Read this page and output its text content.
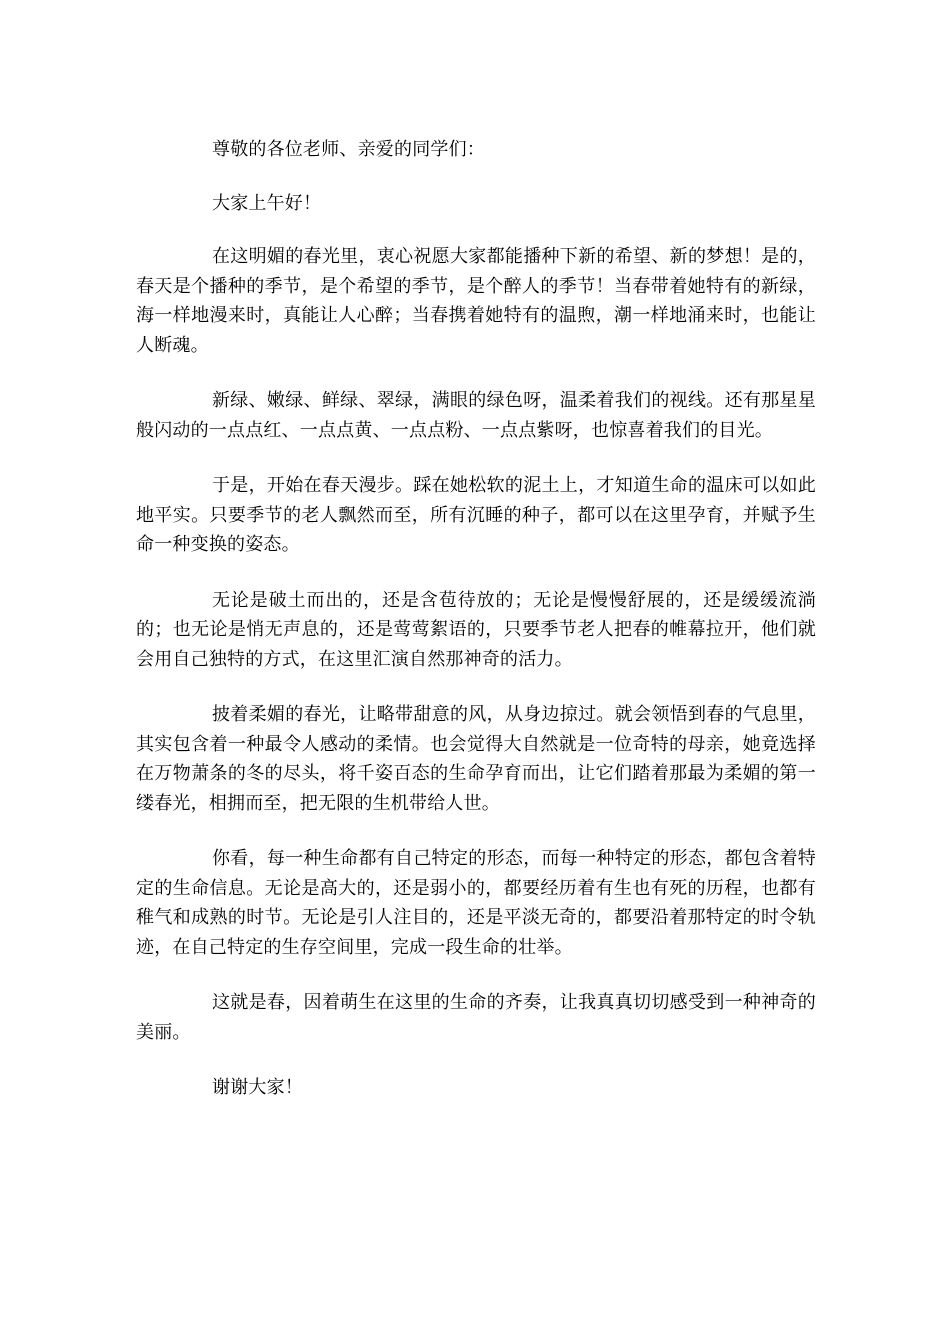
尊敬的各位老师、亲爱的同学们：

大家上午好！

在这明媚的春光里，衷心祝愿大家都能播种下新的希望、新的梦想！是的，春天是个播种的季节，是个希望的季节，是个醉人的季节！当春带着她特有的新绿，海一样地漫来时，真能让人心醉；当春携着她特有的温煦，潮一样地涌来时，也能让人断魂。

新绿、嫩绿、鲜绿、翠绿，满眼的绿色呀，温柔着我们的视线。还有那星星般闪动的一点点红、一点点黄、一点点粉、一点点紫呀，也惊喜着我们的目光。

于是，开始在春天漫步。踩在她松软的泥土上，才知道生命的温床可以如此地平实。只要季节的老人飘然而至，所有沉睡的种子，都可以在这里孕育，并赋予生命一种变换的姿态。

无论是破土而出的，还是含苞待放的；无论是慢慢舒展的，还是缓缓流淌的；也无论是悄无声息的，还是莺莺絮语的，只要季节老人把春的帷幕拉开，他们就会用自己独特的方式，在这里汇演自然那神奇的活力。

披着柔媚的春光，让略带甜意的风，从身边掠过。就会领悟到春的气息里，其实包含着一种最令人感动的柔情。也会觉得大自然就是一位奇特的母亲，她竟选择在万物萧条的冬的尽头，将千姿百态的生命孕育而出，让它们踏着那最为柔媚的第一缕春光，相拥而至，把无限的生机带给人世。

你看，每一种生命都有自己特定的形态，而每一种特定的形态，都包含着特定的生命信息。无论是高大的，还是弱小的，都要经历着有生也有死的历程，也都有稚气和成熟的时节。无论是引人注目的，还是平淡无奇的，都要沿着那特定的时令轨迹，在自己特定的生存空间里，完成一段生命的壮举。

这就是春，因着萌生在这里的生命的齐奏，让我真真切切感受到一种神奇的美丽。

谢谢大家！
